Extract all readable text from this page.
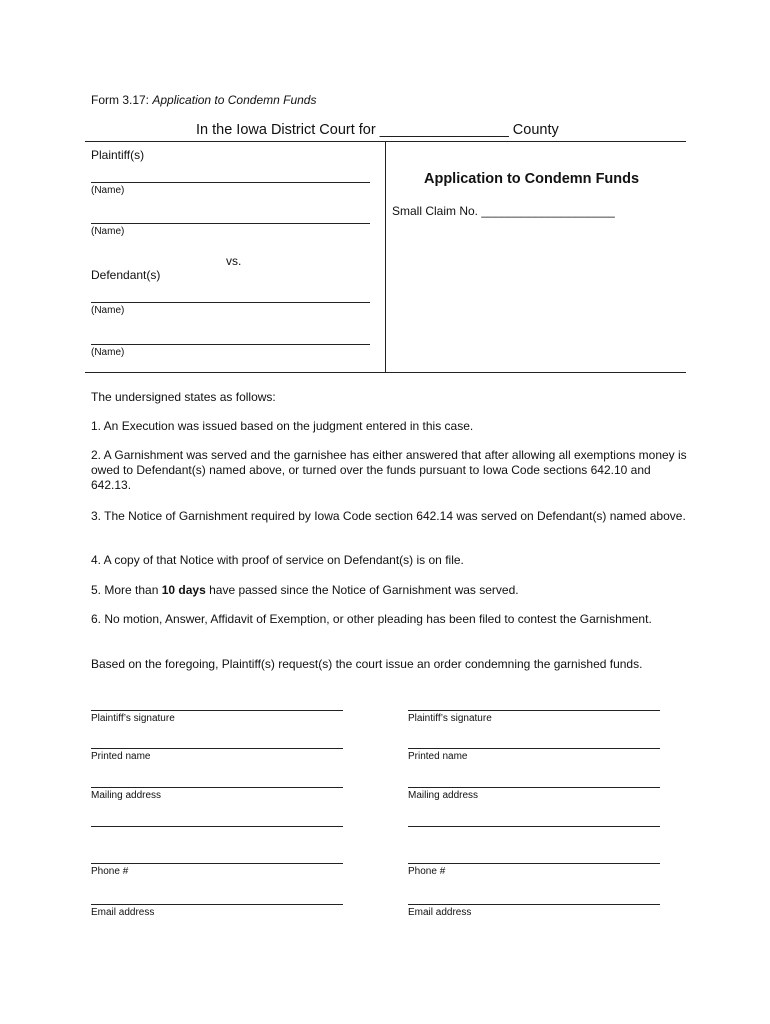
Form 3.17: Application to Condemn Funds
In the Iowa District Court for ________________ County
Plaintiff(s)
(Name)
(Name)
vs.
Defendant(s)
(Name)
(Name)
Application to Condemn Funds
Small Claim No. ____________________
The undersigned states as follows:
1. An Execution was issued based on the judgment entered in this case.
2. A Garnishment was served and the garnishee has either answered that after allowing all exemptions money is owed to Defendant(s) named above, or turned over the funds pursuant to Iowa Code sections 642.10 and 642.13.
3. The Notice of Garnishment required by Iowa Code section 642.14 was served on Defendant(s) named above.
4. A copy of that Notice with proof of service on Defendant(s) is on file.
5. More than 10 days have passed since the Notice of Garnishment was served.
6. No motion, Answer, Affidavit of Exemption, or other pleading has been filed to contest the Garnishment.
Based on the foregoing, Plaintiff(s) request(s) the court issue an order condemning the garnished funds.
Plaintiff’s signature
Printed name
Mailing address
Phone #
Email address
Plaintiff’s signature
Printed name
Mailing address
Phone #
Email address
